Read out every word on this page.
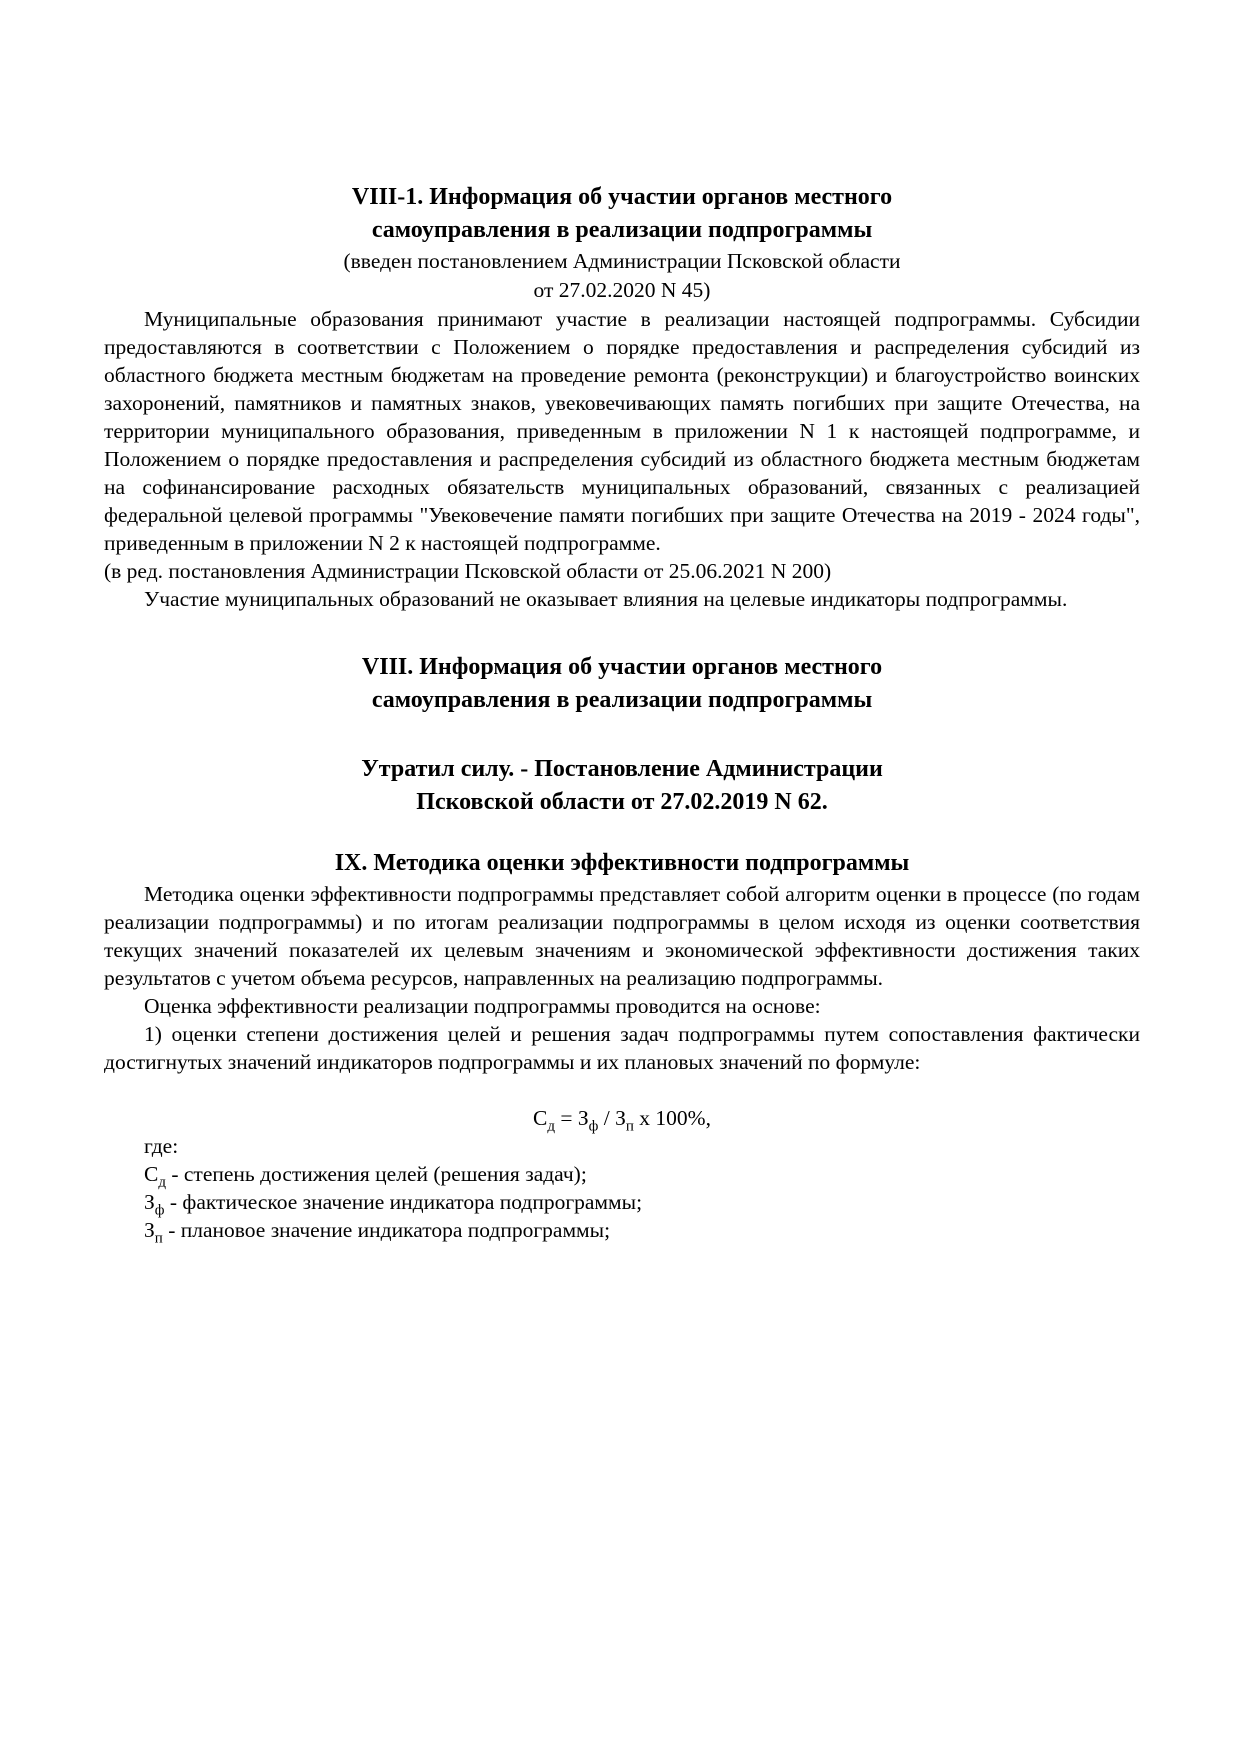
VIII-1. Информация об участии органов местного
самоуправления в реализации подпрограммы
(введен постановлением Администрации Псковской области
от 27.02.2020 N 45)

Муниципальные образования принимают участие в реализации настоящей подпрограммы. Субсидии предоставляются в соответствии с Положением о порядке предоставления и распределения субсидий из областного бюджета местным бюджетам на проведение ремонта (реконструкции) и благоустройство воинских захоронений, памятников и памятных знаков, увековечивающих память погибших при защите Отечества, на территории муниципального образования, приведенным в приложении N 1 к настоящей подпрограмме, и Положением о порядке предоставления и распределения субсидий из областного бюджета местным бюджетам на софинансирование расходных обязательств муниципальных образований, связанных с реализацией федеральной целевой программы "Увековечение памяти погибших при защите Отечества на 2019 - 2024 годы", приведенным в приложении N 2 к настоящей подпрограмме.

(в ред. постановления Администрации Псковской области от 25.06.2021 N 200)

Участие муниципальных образований не оказывает влияния на целевые индикаторы подпрограммы.

VIII. Информация об участии органов местного
самоуправления в реализации подпрограммы
Утратил силу. - Постановление Администрации
Псковской области от 27.02.2019 N 62.
IX. Методика оценки эффективности подпрограммы

Методика оценки эффективности подпрограммы представляет собой алгоритм оценки в процессе (по годам реализации подпрограммы) и по итогам реализации подпрограммы в целом исходя из оценки соответствия текущих значений показателей их целевым значениям и экономической эффективности достижения таких результатов с учетом объема ресурсов, направленных на реализацию подпрограммы.

Оценка эффективности реализации подпрограммы проводится на основе:

1) оценки степени достижения целей и решения задач подпрограммы путем сопоставления фактически достигнутых значений индикаторов подпрограммы и их плановых значений по формуле:

$С_д = З_ф / З_п$ x 100%,

где:

$С_д$ - степень достижения целей (решения задач);

$З_ф$ - фактическое значение индикатора подпрограммы;

$З_п$ - плановое значение индикатора подпрограммы;
